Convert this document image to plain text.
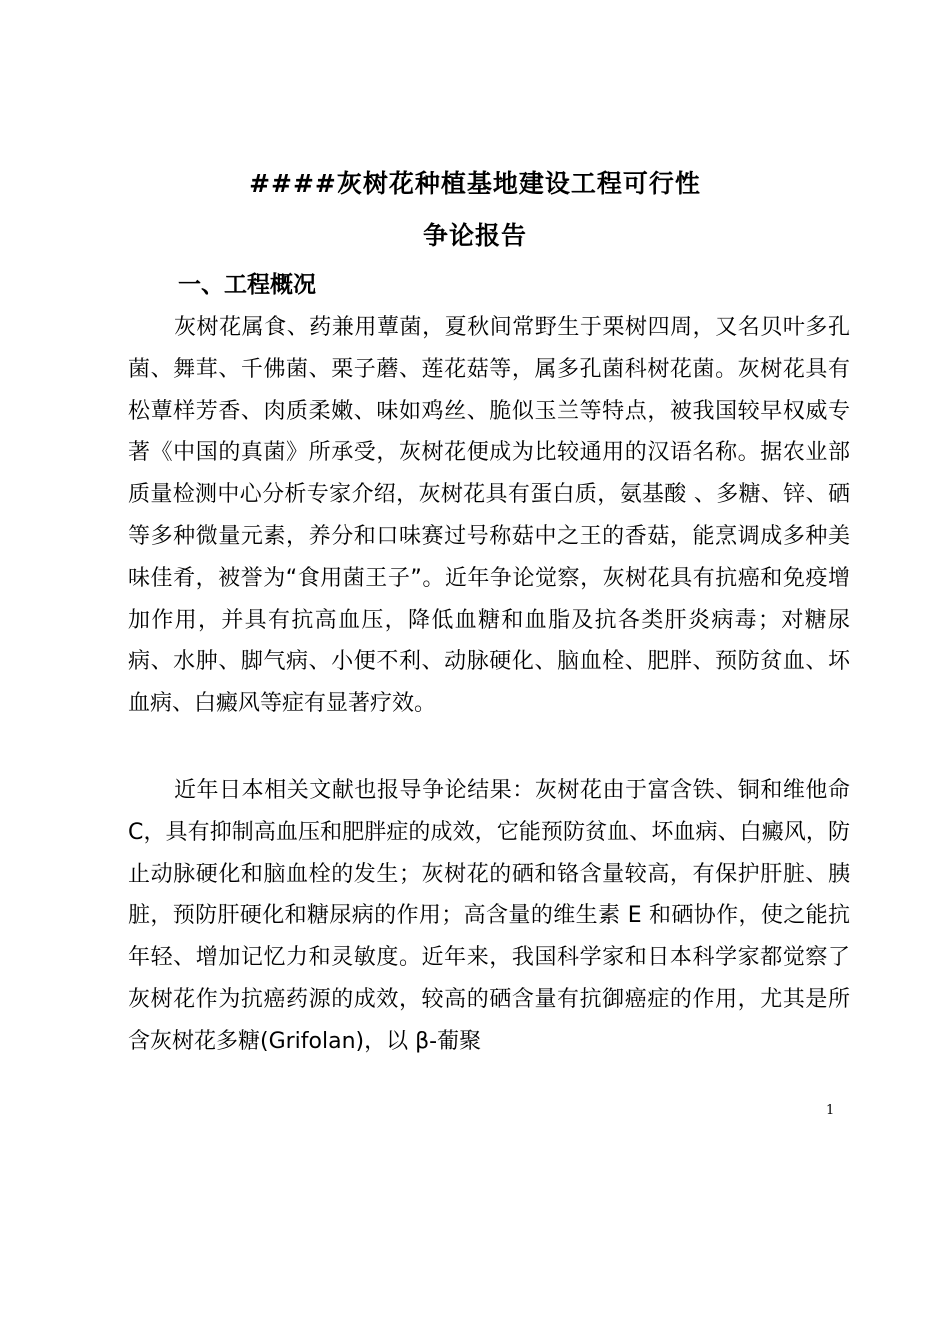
####灰树花种植基地建设工程可行性
争论报告
一、工程概况

灰树花属食、药兼用蕈菌，夏秋间常野生于栗树四周，又名贝叶多孔菌、舞茸、千佛菌、栗子蘑、莲花菇等，属多孔菌科树花菌。灰树花具有松蕈样芳香、肉质柔嫩、味如鸡丝、脆似玉兰等特点，被我国较早权威专著《中国的真菌》所承受，灰树花便成为比较通用的汉语名称。据农业部质量检测中心分析专家介绍，灰树花具有蛋白质，氨基酸 、多糖、锌、硒等多种微量元素，养分和口味赛过号称菇中之王的香菇，能烹调成多种美味佳肴，被誉为“食用菌王子”。近年争论觉察，灰树花具有抗癌和免疫增加作用，并具有抗高血压，降低血糖和血脂及抗各类肝炎病毒；对糖尿病、水肿、脚气病、小便不利、动脉硬化、脑血栓、肥胖、预防贫血、坏血病、白癜风等症有显著疗效。

近年日本相关文献也报导争论结果：灰树花由于富含铁、铜和维他命 C，具有抑制高血压和肥胖症的成效，它能预防贫血、坏血病、白癜风，防止动脉硬化和脑血栓的发生；灰树花的硒和铬含量较高，有保护肝脏、胰脏，预防肝硬化和糖尿病的作用；高含量的维生素 E 和硒协作，使之能抗年轻、增加记忆力和灵敏度。近年来，我国科学家和日本科学家都觉察了灰树花作为抗癌药源的成效，较高的硒含量有抗御癌症的作用，尤其是所含灰树花多糖(Grifolan)，以 β-葡聚

1
